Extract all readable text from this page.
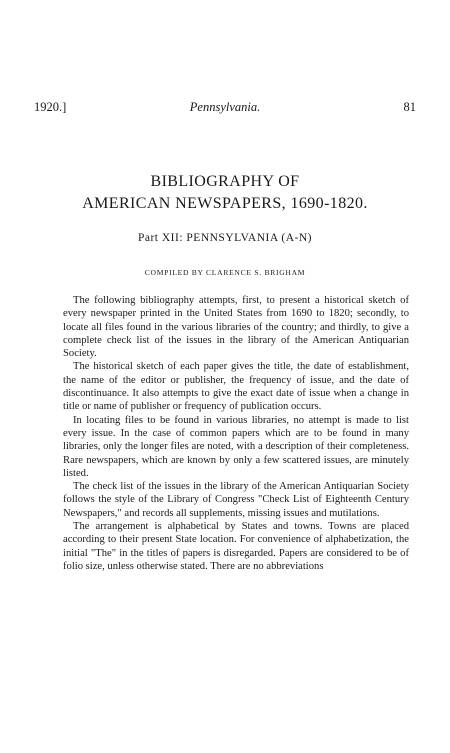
1920.]	Pennsylvania.	81
BIBLIOGRAPHY OF
AMERICAN NEWSPAPERS, 1690-1820.
Part XII: PENNSYLVANIA (A-N)
COMPILED BY CLARENCE S. BRIGHAM

The following bibliography attempts, first, to present a historical sketch of every newspaper printed in the United States from 1690 to 1820; secondly, to locate all files found in the various libraries of the country; and thirdly, to give a complete check list of the issues in the library of the American Antiquarian Society.

The historical sketch of each paper gives the title, the date of establishment, the name of the editor or publisher, the frequency of issue, and the date of discontinuance. It also attempts to give the exact date of issue when a change in title or name of publisher or frequency of publication occurs.

In locating files to be found in various libraries, no attempt is made to list every issue. In the case of common papers which are to be found in many libraries, only the longer files are noted, with a description of their completeness. Rare newspapers, which are known by only a few scattered issues, are minutely listed.

The check list of the issues in the library of the American Antiquarian Society follows the style of the Library of Congress "Check List of Eighteenth Century Newspapers," and records all supplements, missing issues and mutilations.

The arrangement is alphabetical by States and towns. Towns are placed according to their present State location. For convenience of alphabetization, the initial "The" in the titles of papers is disregarded. Papers are considered to be of folio size, unless otherwise stated. There are no abbreviations
